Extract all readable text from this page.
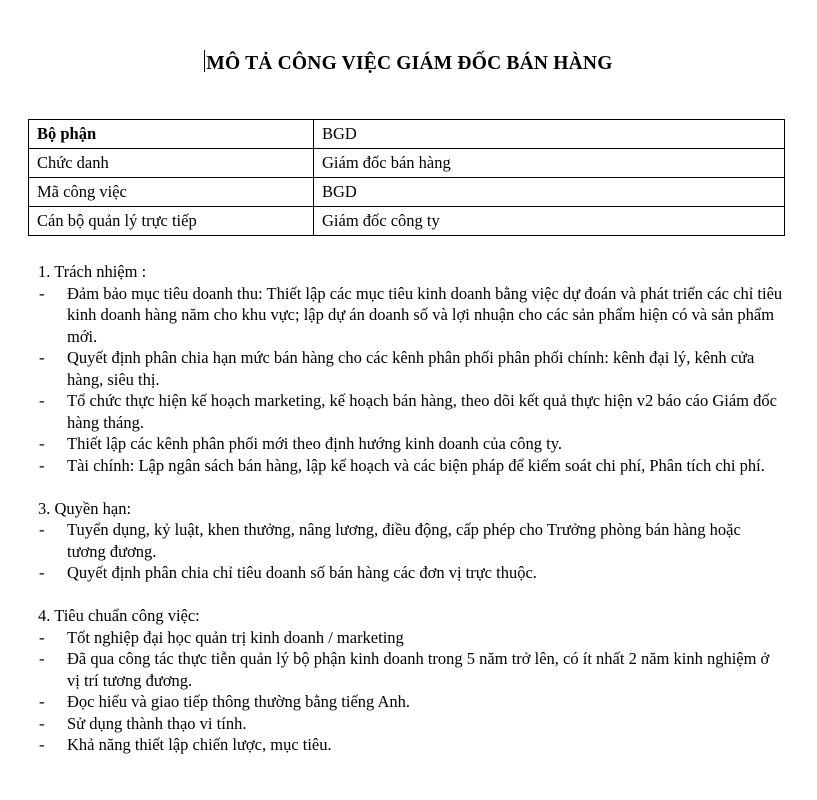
MÔ TẢ CÔNG VIỆC GIÁM ĐỐC BÁN HÀNG
Bộ phận	BGD
Chức danh	Giám đốc bán hàng
Mã công việc	BGD
Cán bộ quản lý trực tiếp	Giám đốc công ty
1. Trách nhiệm :
- Đảm bảo mục tiêu doanh thu: Thiết lập các mục tiêu kinh doanh bằng việc dự đoán và phát triển các chỉ tiêu kinh doanh hàng năm cho khu vực; lập dự án doanh số và lợi nhuận cho các sản phẩm hiện có và sản phẩm mới.
- Quyết định phân chia hạn mức bán hàng cho các kênh phân phối phân phối chính: kênh đại lý, kênh cửa hàng, siêu thị.
- Tổ chức thực hiện kế hoạch marketing, kế hoạch bán hàng, theo dõi kết quả thực hiện v2 báo cáo Giám đốc hàng tháng.
- Thiết lập các kênh phân phối mới theo định hướng kinh doanh của công ty.
- Tài chính: Lập ngân sách bán hàng, lập kế hoạch và các biện pháp để kiểm soát chi phí, Phân tích chi phí.
3. Quyền hạn:
- Tuyển dụng, kỷ luật, khen thưởng, nâng lương, điều động, cấp phép cho Trưởng phòng bán hàng hoặc tương đương.
- Quyết định phân chia chỉ tiêu doanh số bán hàng các đơn vị trực thuộc.
4. Tiêu chuẩn công việc:
- Tốt nghiệp đại học quản trị kinh doanh / marketing
- Đã qua công tác thực tiễn quản lý bộ phận kinh doanh trong 5 năm trở lên, có ít nhất 2 năm kinh nghiệm ở vị trí tương đương.
- Đọc hiểu và giao tiếp thông thường bằng tiếng Anh.
- Sử dụng thành thạo vi tính.
- Khả năng thiết lập chiến lược, mục tiêu.
